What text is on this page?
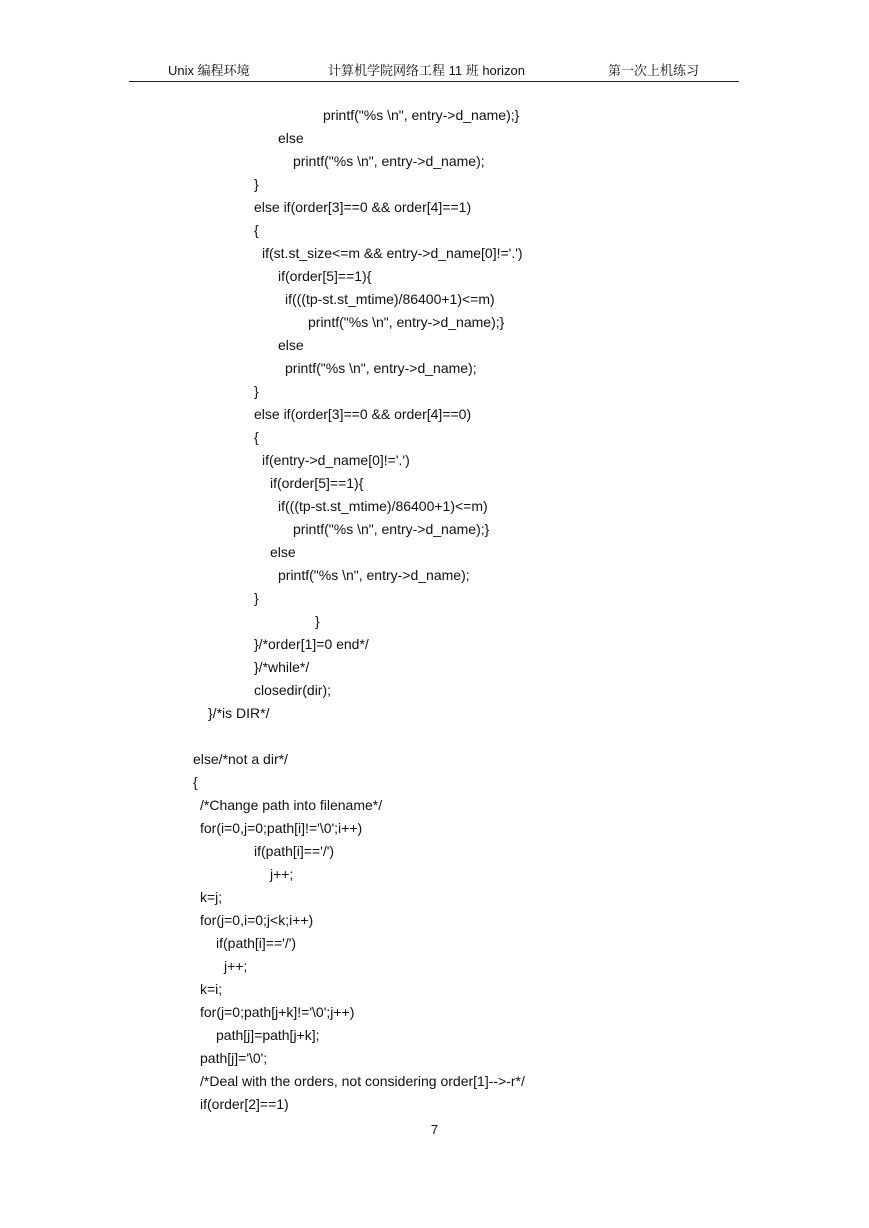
Unix 编程环境	计算机学院网络工程 11 班 horizon	第一次上机练习
printf("%s \n", entry->d_name);}
else
printf("%s \n", entry->d_name);
}
else if(order[3]==0 && order[4]==1)
{
if(st.st_size<=m && entry->d_name[0]!='.')
if(order[5]==1){
if(((tp-st.st_mtime)/86400+1)<=m)
printf("%s \n", entry->d_name);}
else
printf("%s \n", entry->d_name);
}
else if(order[3]==0 && order[4]==0)
{
if(entry->d_name[0]!='.')
if(order[5]==1){
if(((tp-st.st_mtime)/86400+1)<=m)
printf("%s \n", entry->d_name);}
else
printf("%s \n", entry->d_name);
}
}
}/*order[1]=0 end*/
}/*while*/
closedir(dir);
}/*is DIR*/
else/*not a dir*/
{
/*Change path into filename*/
for(i=0,j=0;path[i]!='\0';i++)
if(path[i]=='/')
j++;
k=j;
for(j=0,i=0;j<k;i++)
if(path[i]=='/')
j++;
k=i;
for(j=0;path[j+k]!='\0';j++)
path[j]=path[j+k];
path[j]='\0';
/*Deal with the orders, not considering order[1]-->-r*/
if(order[2]==1)
7
